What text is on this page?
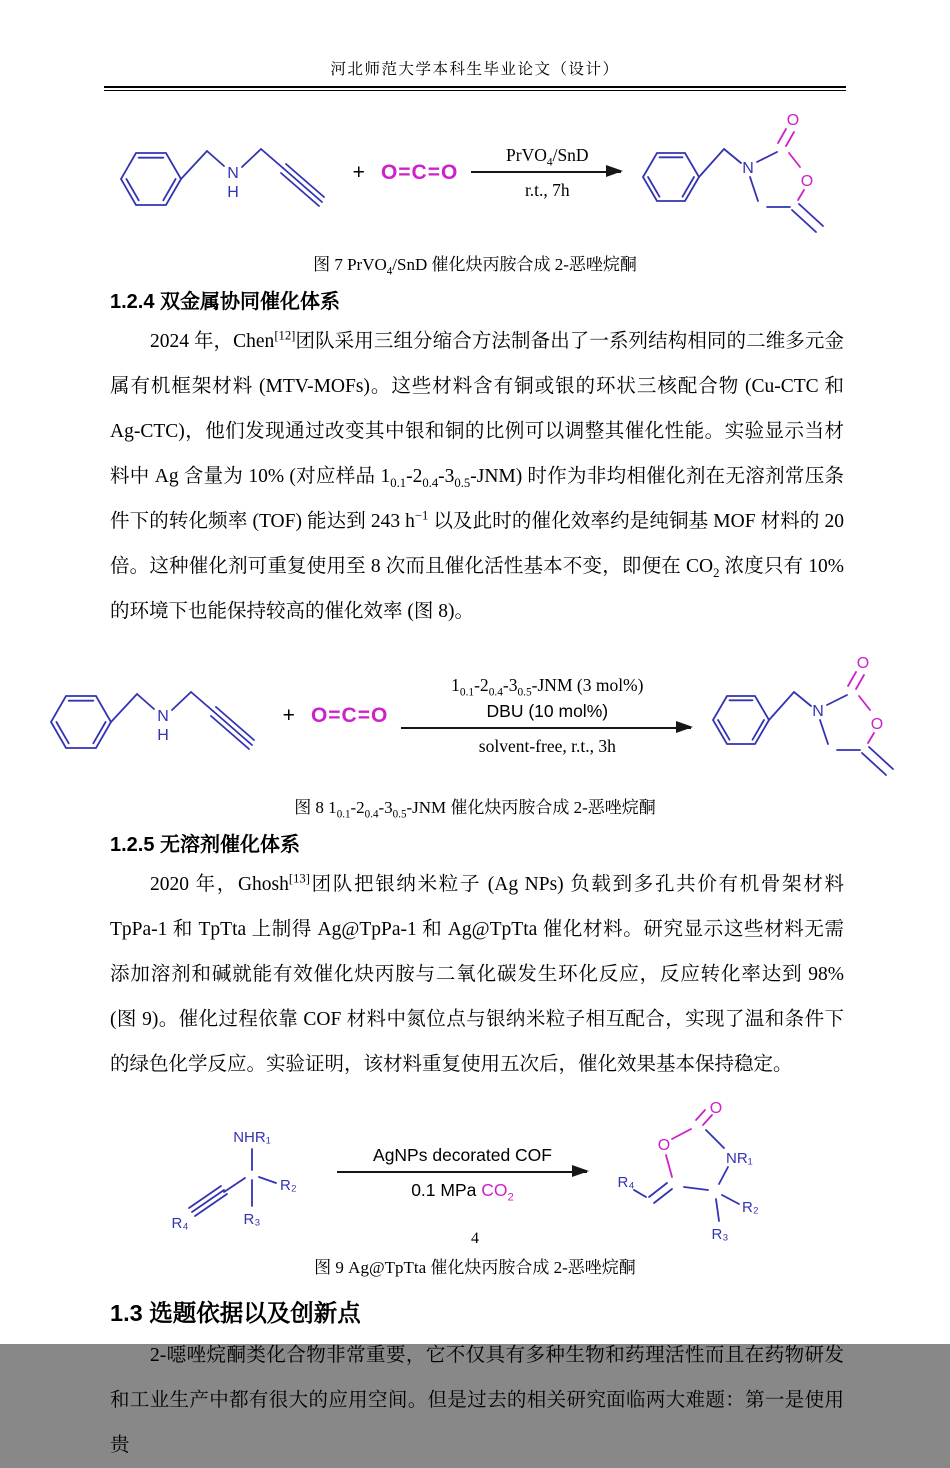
河北师范大学本科生毕业论文（设计）
N
H
+ O=C=O
PrVO$_4$/SnD
r.t., 7h
N
O
O
图 7 PrVO$_4$/SnD 催化炔丙胺合成 2-恶唑烷酮
1.2.4 双金属协同催化体系

2024 年，Chen[12]团队采用三组分缩合方法制备出了一系列结构相同的二维多元金属有机框架材料 (MTV-MOFs)。这些材料含有铜或银的环状三核配合物 (Cu-CTC 和 Ag-CTC)，他们发现通过改变其中银和铜的比例可以调整其催化性能。实验显示当材料中 Ag 含量为 10% (对应样品 $1_{0.1}-2_{0.4}-3_{0.5}-JNM$) 时作为非均相催化剂在无溶剂常压条件下的转化频率 (TOF) 能达到 243 $h^{-1}$ 以及此时的催化效率约是纯铜基 MOF 材料的 20 倍。这种催化剂可重复使用至 8 次而且催化活性基本不变，即便在 $CO_2$ 浓度只有 10%的环境下也能保持较高的催化效率 (图 8)。

N
H
+ O=C=O
$1_{0.1}-2_{0.4}-3_{0.5}$-JNM (3 mol%)
DBU (10 mol%)
solvent-free, r.t., 3h
N
O
O
图 8 $1_{0.1}-2_{0.4}-3_{0.5}$-JNM 催化炔丙胺合成 2-恶唑烷酮
1.2.5 无溶剂催化体系

2020 年，Ghosh[13]团队把银纳米粒子 (Ag NPs) 负载到多孔共价有机骨架材料 TpPa-1 和 TpTta 上制得 Ag@TpPa-1 和 Ag@TpTta 催化材料。研究显示这些材料无需添加溶剂和碱就能有效催化炔丙胺与二氧化碳发生环化反应，反应转化率达到 98% (图 9)。催化过程依靠 COF 材料中氮位点与银纳米粒子相互配合，实现了温和条件下的绿色化学反应。实验证明，该材料重复使用五次后，催化效果基本保持稳定。

NHR₁
R₂
R₃
R₄
AgNPs decorated COF
0.1 MPa $CO_2$
O
O
NR₁
R₂
R₃
R₄
图 9 Ag@TpTta 催化炔丙胺合成 2-恶唑烷酮
1.3 选题依据以及创新点

2-噁唑烷酮类化合物非常重要，它不仅具有多种生物和药理活性而且在药物研发和工业生产中都有很大的应用空间。但是过去的相关研究面临两大难题：第一是使用贵

4
